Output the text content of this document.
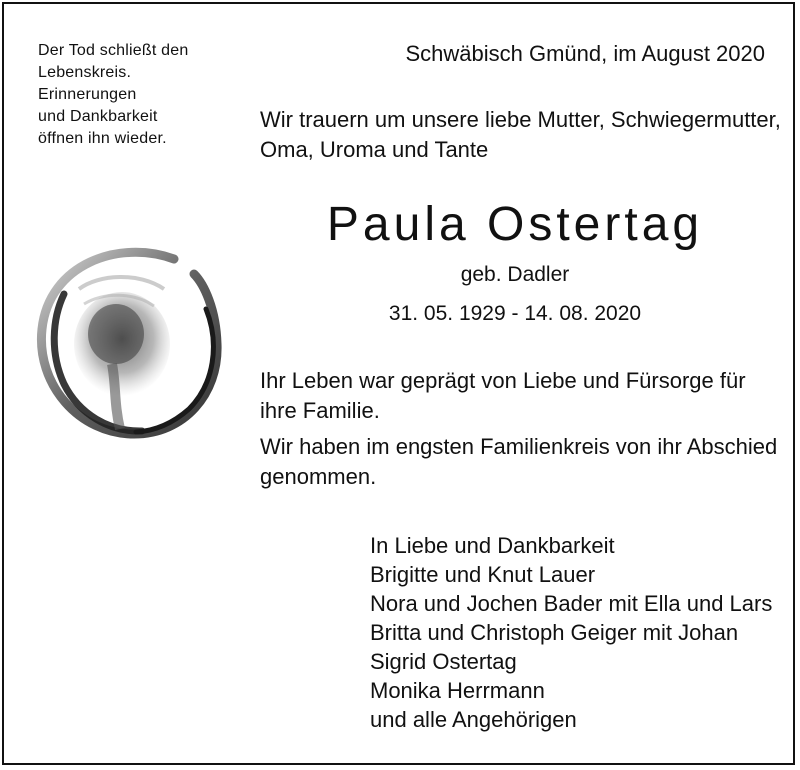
Der Tod schließt den
Lebenskreis.
Erinnerungen
und Dankbarkeit
öffnen ihn wieder.
Schwäbisch Gmünd, im August 2020
Wir trauern um unsere liebe Mutter, Schwiegermutter,
Oma, Uroma und Tante
Paula Ostertag
geb. Dadler
31. 05. 1929 - 14. 08. 2020
Ihr Leben war geprägt von Liebe und Fürsorge für
ihre Familie.
Wir haben im engsten Familienkreis von ihr Abschied
genommen.
In Liebe und Dankbarkeit
Brigitte und Knut Lauer
Nora und Jochen Bader mit Ella und Lars
Britta und Christoph Geiger mit Johan
Sigrid Ostertag
Monika Herrmann
und alle Angehörigen
